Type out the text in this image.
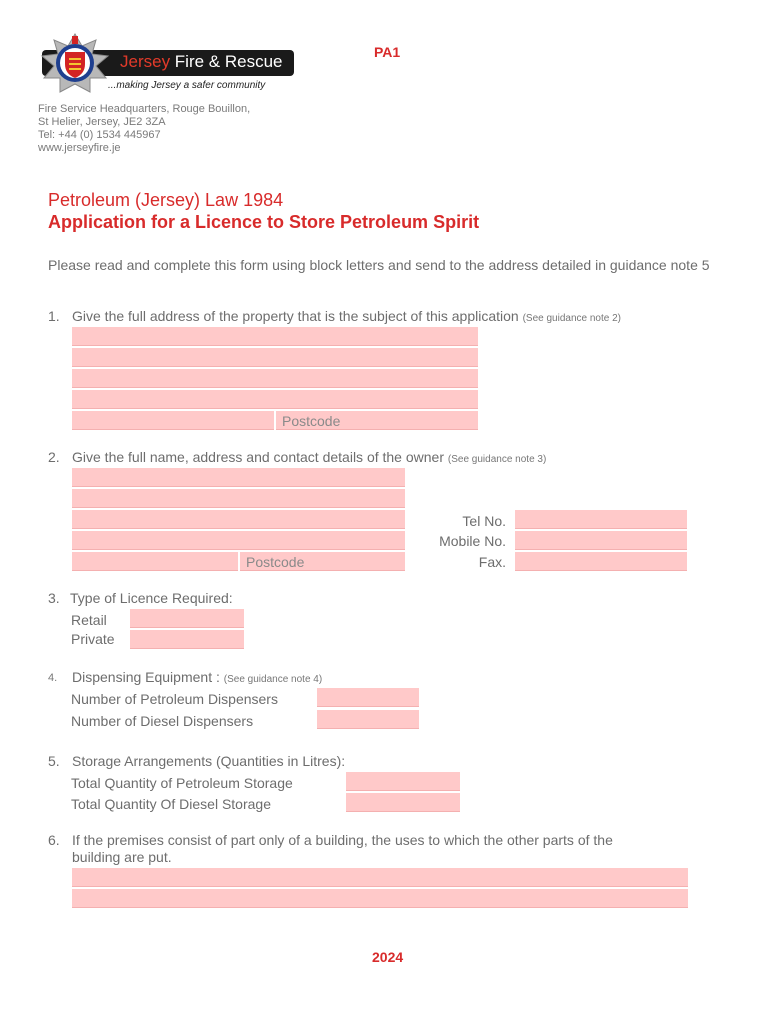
Jersey Fire & Rescue
...making Jersey a safer community
PA1
Fire Service Headquarters, Rouge Bouillon,
St Helier, Jersey, JE2 3ZA
Tel: +44 (0) 1534 445967
www.jerseyfire.je
Petroleum (Jersey) Law 1984
Application for a Licence to Store Petroleum Spirit
Please read and complete this form using block letters and send to the address detailed in guidance note 5
1. Give the full address of the property that is the subject of this application (See guidance note 2)
Postcode
2. Give the full name, address and contact details of the owner (See guidance note 3)
Postcode
Tel No.
Mobile No.
Fax.
3. Type of Licence Required:
Retail
Private
4. Dispensing Equipment : (See guidance note 4)
Number of Petroleum Dispensers
Number of Diesel Dispensers
5. Storage Arrangements (Quantities in Litres):
Total Quantity of Petroleum Storage
Total Quantity Of Diesel Storage
6. If the premises consist of part only of a building, the uses to which the other parts of the
building are put.
2024
